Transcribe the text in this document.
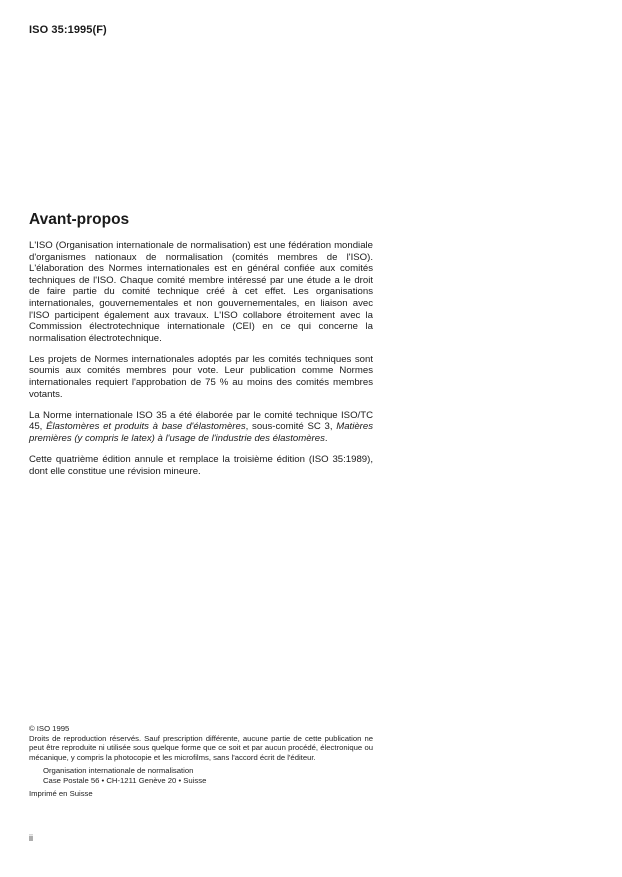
ISO 35:1995(F)
Avant-propos

L'ISO (Organisation internationale de normalisation) est une fédération mondiale d'organismes nationaux de normalisation (comités membres de l'ISO). L'élaboration des Normes internationales est en général confiée aux comités techniques de l'ISO. Chaque comité membre intéressé par une étude a le droit de faire partie du comité technique créé à cet effet. Les organisations internationales, gouvernementales et non gouvernementales, en liaison avec l'ISO participent également aux travaux. L'ISO collabore étroitement avec la Commission électrotechnique internationale (CEI) en ce qui concerne la normalisation électrotechnique.

Les projets de Normes internationales adoptés par les comités techniques sont soumis aux comités membres pour vote. Leur publication comme Normes internationales requiert l'approbation de 75 % au moins des comités membres votants.

La Norme internationale ISO 35 a été élaborée par le comité technique ISO/TC 45, Élastomères et produits à base d'élastomères, sous-comité SC 3, Matières premières (y compris le latex) à l'usage de l'industrie des élastomères.

Cette quatrième édition annule et remplace la troisième édition (ISO 35:1989), dont elle constitue une révision mineure.

© ISO 1995
Droits de reproduction réservés. Sauf prescription différente, aucune partie de cette publication ne peut être reproduite ni utilisée sous quelque forme que ce soit et par aucun procédé, électronique ou mécanique, y compris la photocopie et les microfilms, sans l'accord écrit de l'éditeur.
Organisation internationale de normalisation
Case Postale 56 • CH-1211 Genève 20 • Suisse
Imprimé en Suisse
ii
